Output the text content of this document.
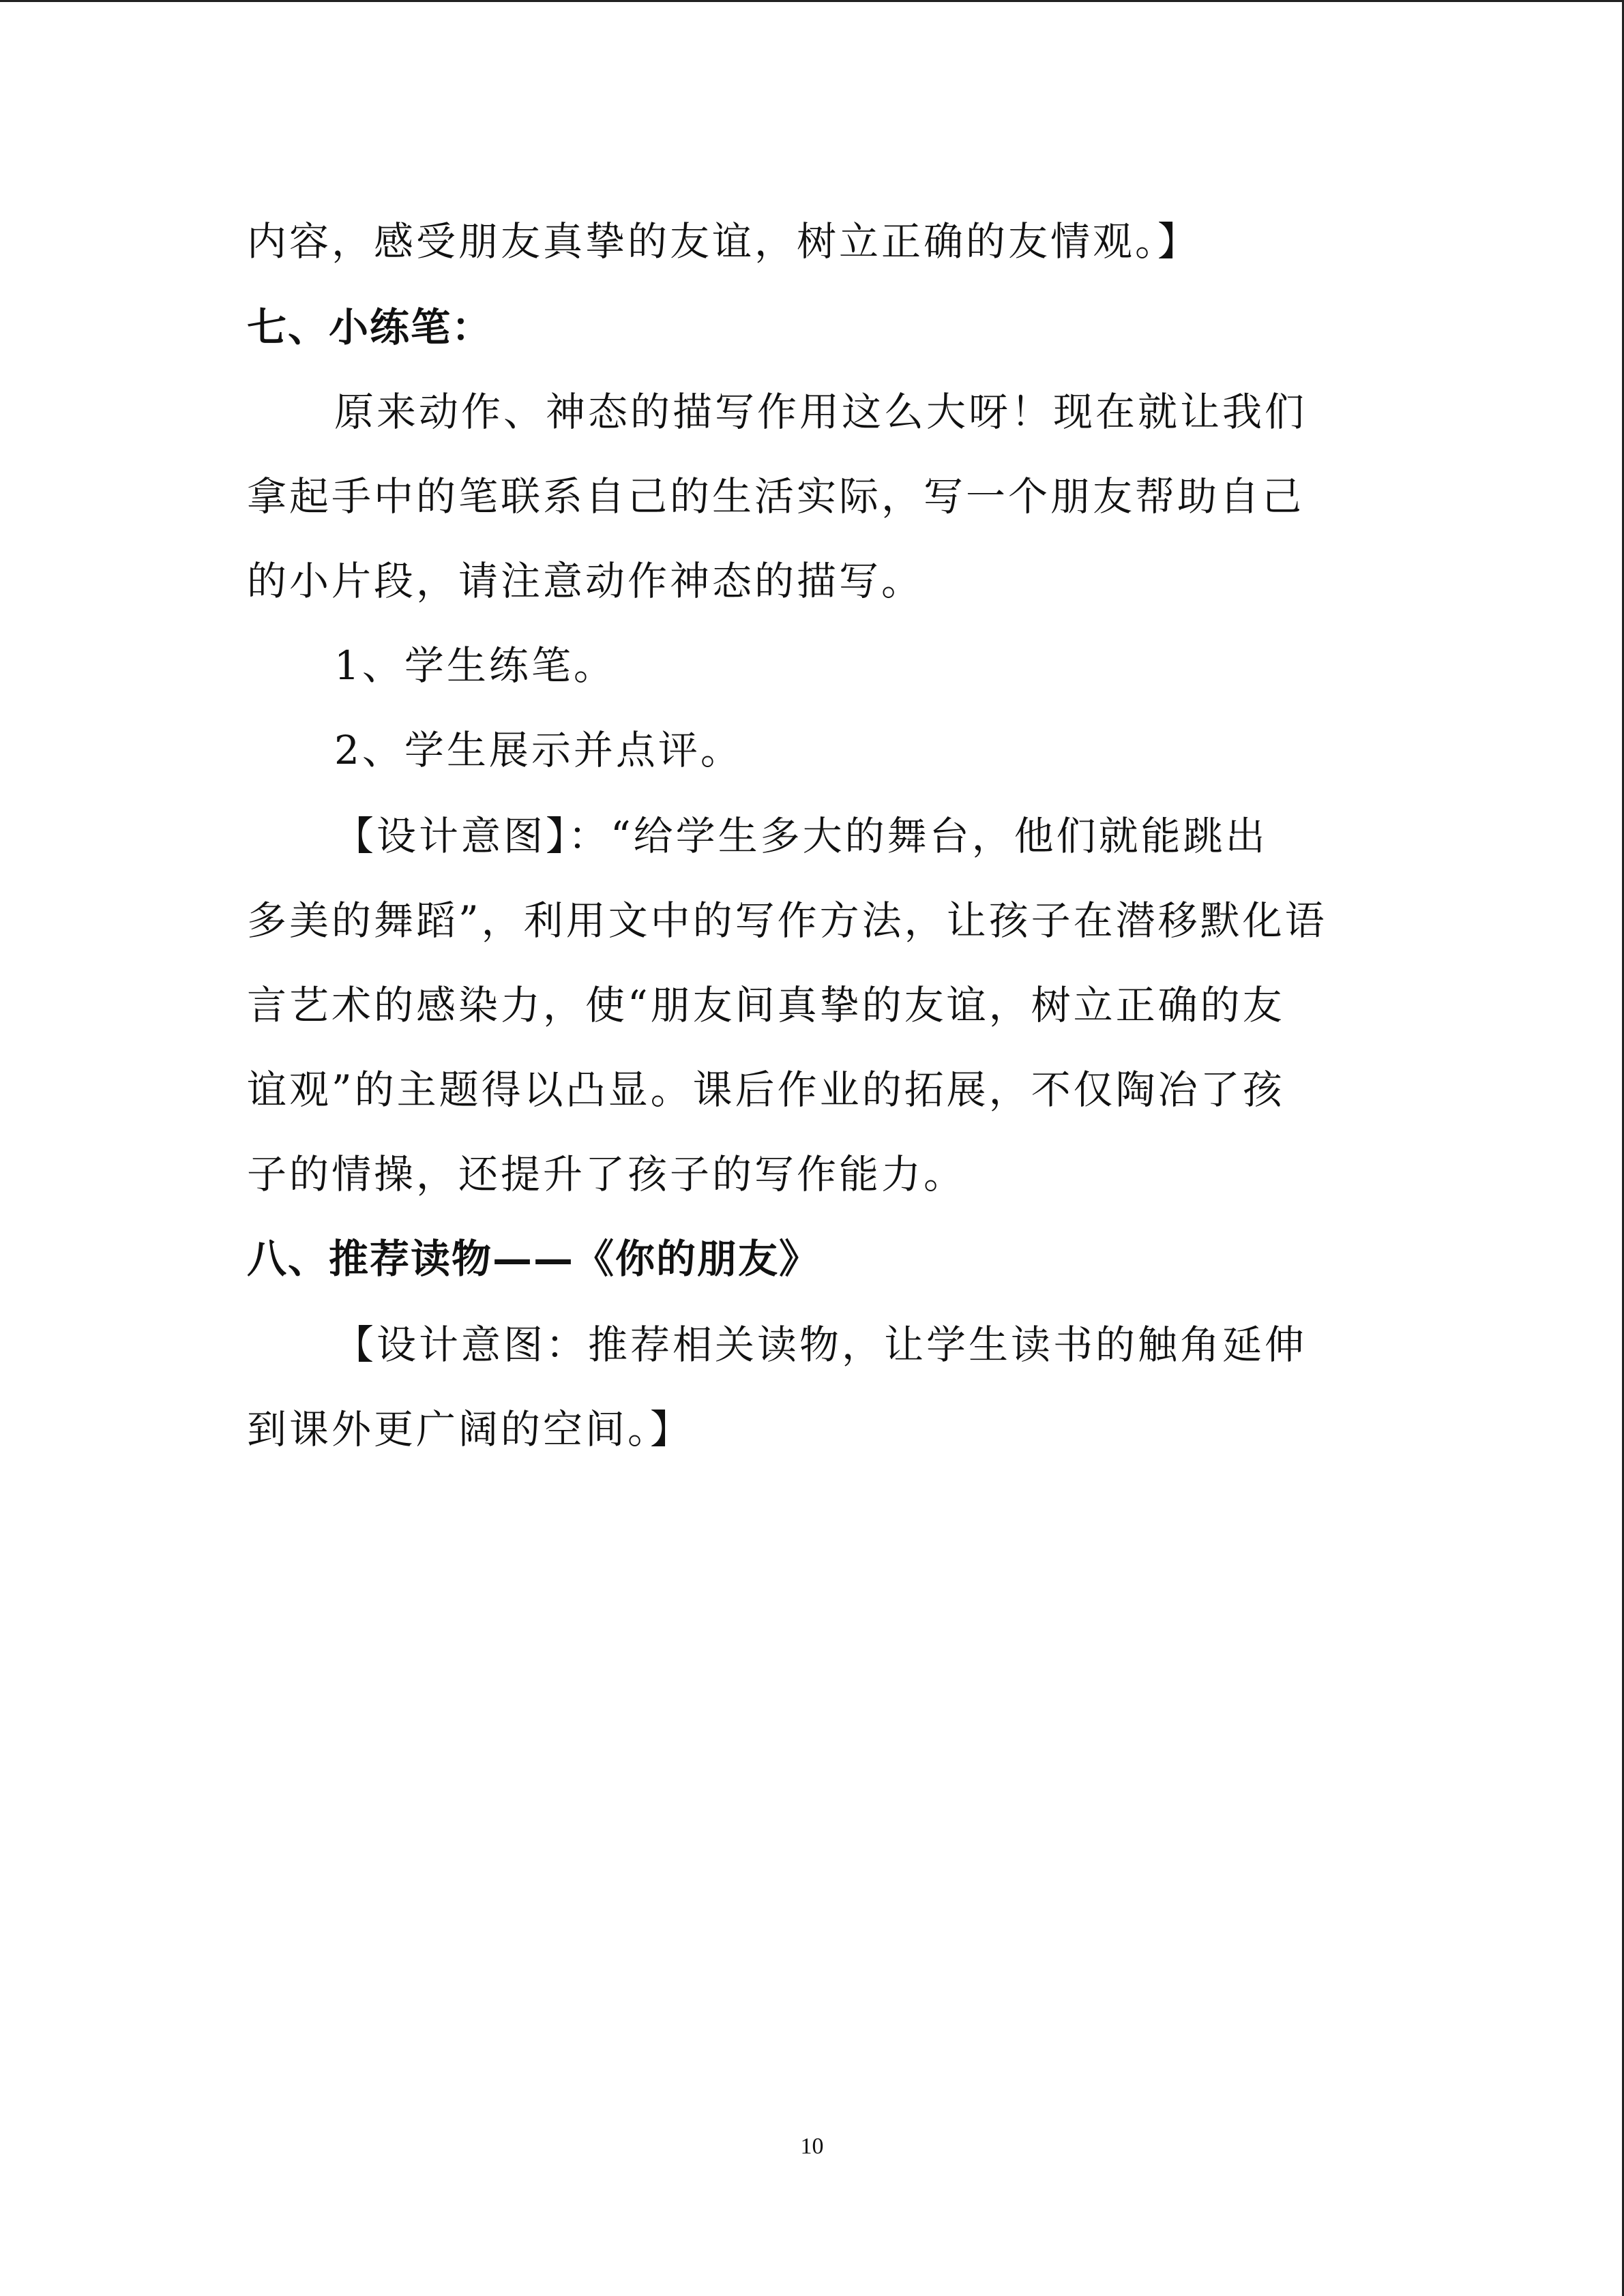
内容，感受朋友真挚的友谊，树立正确的友情观。】
七、小练笔：
原来动作、神态的描写作用这么大呀！现在就让我们
拿起手中的笔联系自己的生活实际，写一个朋友帮助自己
的小片段，请注意动作神态的描写。
1、学生练笔。
2、学生展示并点评。
【设计意图】：“给学生多大的舞台，他们就能跳出
多美的舞蹈”，利用文中的写作方法，让孩子在潜移默化语
言艺术的感染力，使“朋友间真挚的友谊，树立正确的友
谊观”的主题得以凸显。课后作业的拓展，不仅陶冶了孩
子的情操，还提升了孩子的写作能力。
八、推荐读物——《你的朋友》
【设计意图：推荐相关读物，让学生读书的触角延伸
到课外更广阔的空间。】
10
